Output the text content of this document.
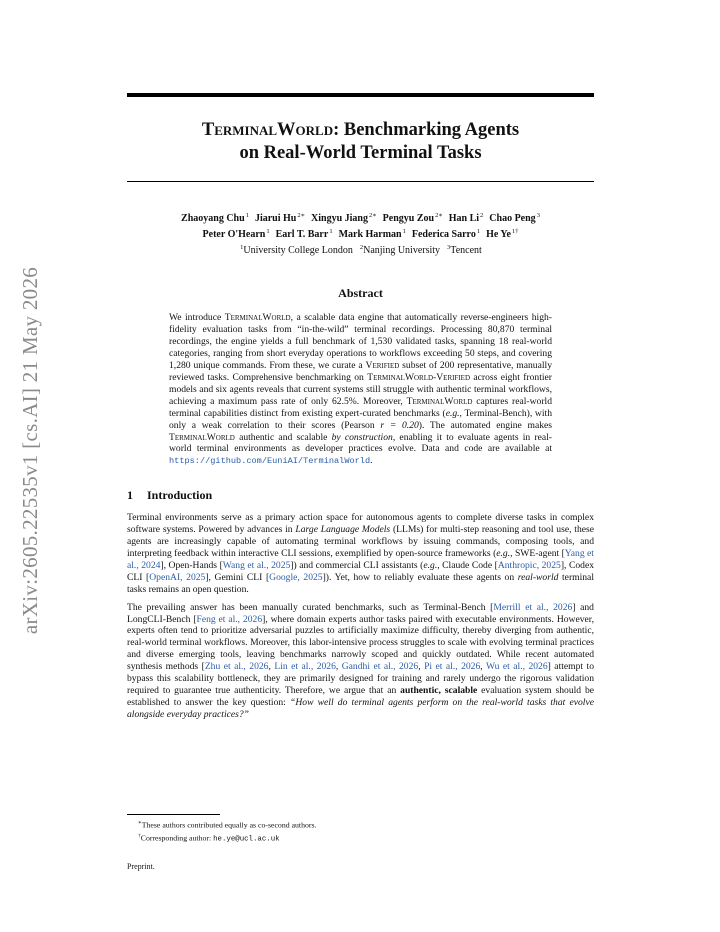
arXiv:2605.22535v1 [cs.AI] 21 May 2026
TerminalWorld: Benchmarking Agents
on Real-World Terminal Tasks
Zhaoyang Chu$^1$ Jiarui $Hu^{2∗}$ Xingyu Jiang$^{2∗}$ Pengyu Zou$^{2∗}$ Han Li$^2$ Chao Peng$^3$
Peter O'Hearn$^1$ Earl T. Barr$^1$ Mark Harman$^1$ Federica Sarro$^1$ He $Ye^{1\dagger}$
$^1$University College London $^2$Nanjing University $^3$Tencent
Abstract
We introduce TerminalWorld, a scalable data engine that automatically reverse-engineers high-fidelity evaluation tasks from “in-the-wild” terminal recordings. Processing 80,870 terminal recordings, the engine yields a full benchmark of 1,530 validated tasks, spanning 18 real-world categories, ranging from short everyday operations to workflows exceeding 50 steps, and covering 1,280 unique commands. From these, we curate a Verified subset of 200 representative, manually reviewed tasks. Comprehensive benchmarking on TerminalWorld-Verified across eight frontier models and six agents reveals that current systems still struggle with authentic terminal workflows, achieving a maximum pass rate of only 62.5%. Moreover, TerminalWorld captures real-world terminal capabilities distinct from existing expert-curated benchmarks (e.g., Terminal-Bench), with only a weak correlation to their scores (Pearson r = 0.20). The automated engine makes TerminalWorld authentic and scalable by construction, enabling it to evaluate agents in real-world terminal environments as developer practices evolve. Data and code are available at https://github.com/EuniAI/TerminalWorld.
1 Introduction
Terminal environments serve as a primary action space for autonomous agents to complete diverse tasks in complex software systems. Powered by advances in Large Language Models (LLMs) for multi-step reasoning and tool use, these agents are increasingly capable of automating terminal workflows by issuing commands, composing tools, and interpreting feedback within interactive CLI sessions, exemplified by open-source frameworks (e.g., SWE-agent [Yang et al., 2024], Open-Hands [Wang et al., 2025]) and commercial CLI assistants (e.g., Claude Code [Anthropic, 2025], Codex CLI [OpenAI, 2025], Gemini CLI [Google, 2025]). Yet, how to reliably evaluate these agents on real-world terminal tasks remains an open question.
The prevailing answer has been manually curated benchmarks, such as Terminal-Bench [Merrill et al., 2026] and LongCLI-Bench [Feng et al., 2026], where domain experts author tasks paired with executable environments. However, experts often tend to prioritize adversarial puzzles to artificially maximize difficulty, thereby diverging from authentic, real-world terminal workflows. Moreover, this labor-intensive process struggles to scale with evolving terminal practices and diverse emerging tools, leaving benchmarks narrowly scoped and quickly outdated. While recent automated synthesis methods [Zhu et al., 2026, Lin et al., 2026, Gandhi et al., 2026, Pi et al., 2026, Wu et al., 2026] attempt to bypass this scalability bottleneck, they are primarily designed for training and rarely undergo the rigorous validation required to guarantee true authenticity. Therefore, we argue that an authentic, scalable evaluation system should be established to answer the key question: “How well do terminal agents perform on the real-world tasks that evolve alongside everyday practices?”
∗These authors contributed equally as co-second authors.
†Corresponding author: he.ye@ucl.ac.uk
Preprint.
